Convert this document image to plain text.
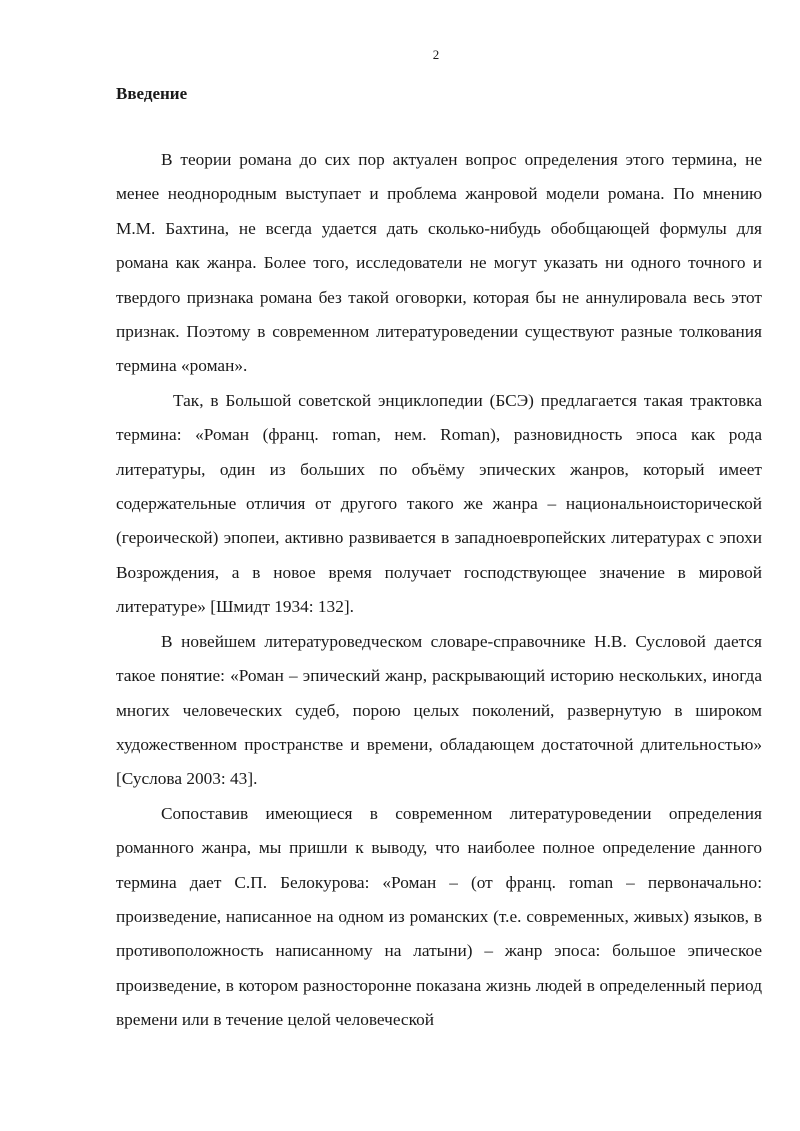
2
Введение

В теории романа до сих пор актуален вопрос определения этого термина, не менее неоднородным выступает и проблема жанровой модели романа. По мнению М.М. Бахтина, не всегда удается дать сколько-нибудь обобщающей формулы для романа как жанра. Более того, исследователи не могут указать ни одного точного и твердого признака романа без такой оговорки, которая бы не аннулировала весь этот признак. Поэтому в современном литературоведении существуют разные толкования термина «роман».

Так, в Большой советской энциклопедии (БСЭ) предлагается такая трактовка термина: «Роман (франц. roman, нем. Roman), разновидность эпоса как рода литературы, один из больших по объёму эпических жанров, который имеет содержательные отличия от другого такого же жанра – национальноисторической (героической) эпопеи, активно развивается в западноевропейских литературах с эпохи Возрождения, а в новое время получает господствующее значение в мировой литературе» [Шмидт 1934: 132].

В новейшем литературоведческом словаре-справочнике Н.В. Сусловой дается такое понятие: «Роман – эпический жанр, раскрывающий историю нескольких, иногда многих человеческих судеб, порою целых поколений, развернутую в широком художественном пространстве и времени, обладающем достаточной длительностью» [Суслова 2003: 43].

Сопоставив имеющиеся в современном литературоведении определения романного жанра, мы пришли к выводу, что наиболее полное определение данного термина дает С.П. Белокурова: «Роман – (от франц. roman – первоначально: произведение, написанное на одном из романских (т.е. современных, живых) языков, в противоположность написанному на латыни) – жанр эпоса: большое эпическое произведение, в котором разносторонне показана жизнь людей в определенный период времени или в течение целой человеческой
